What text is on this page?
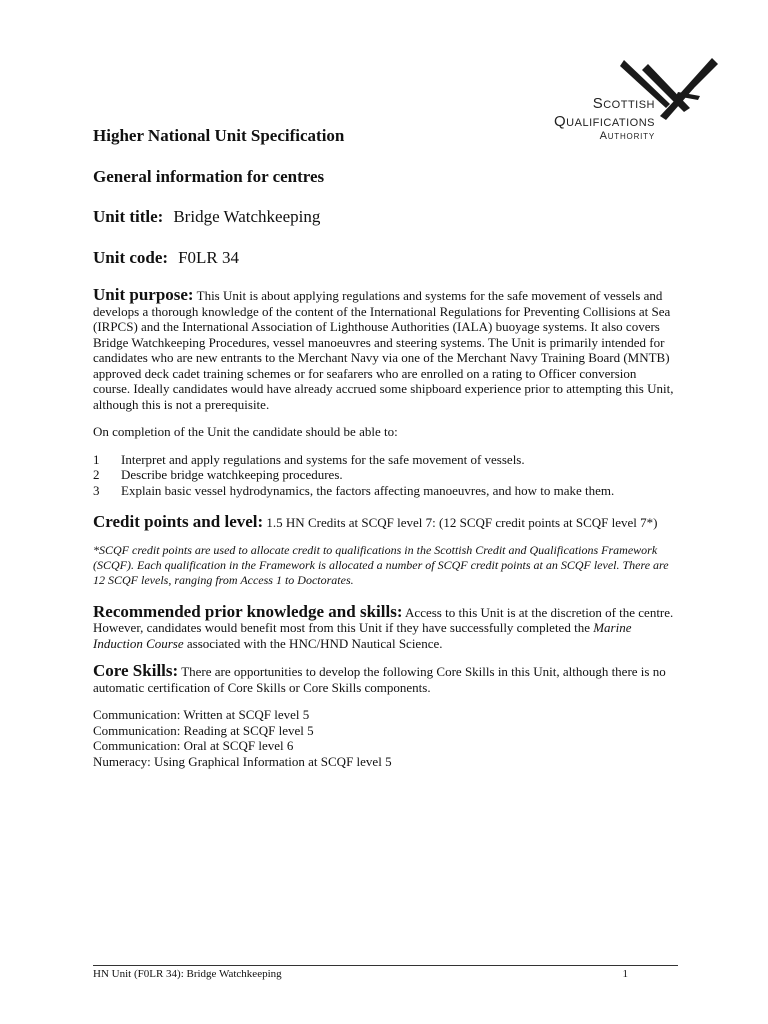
Scottish
Qualifications
Authority
Higher National Unit Specification
General information for centres
Unit title: Bridge Watchkeeping
Unit code: F0LR 34

Unit purpose: This Unit is about applying regulations and systems for the safe movement of vessels and develops a thorough knowledge of the content of the International Regulations for Preventing Collisions at Sea (IRPCS) and the International Association of Lighthouse Authorities (IALA) buoyage systems. It also covers Bridge Watchkeeping Procedures, vessel manoeuvres and steering systems. The Unit is primarily intended for candidates who are new entrants to the Merchant Navy via one of the Merchant Navy Training Board (MNTB) approved deck cadet training schemes or for seafarers who are enrolled on a rating to Officer conversion course. Ideally candidates would have already accrued some shipboard experience prior to attempting this Unit, although this is not a prerequisite.

On completion of the Unit the candidate should be able to:

1	Interpret and apply regulations and systems for the safe movement of vessels.
2	Describe bridge watchkeeping procedures.
3	Explain basic vessel hydrodynamics, the factors affecting manoeuvres, and how to make them.

Credit points and level: 1.5 HN Credits at SCQF level 7: (12 SCQF credit points at SCQF level 7*)

*SCQF credit points are used to allocate credit to qualifications in the Scottish Credit and Qualifications Framework (SCQF). Each qualification in the Framework is allocated a number of SCQF credit points at an SCQF level. There are 12 SCQF levels, ranging from Access 1 to Doctorates.

Recommended prior knowledge and skills: Access to this Unit is at the discretion of the centre. However, candidates would benefit most from this Unit if they have successfully completed the Marine Induction Course associated with the HNC/HND Nautical Science.

Core Skills: There are opportunities to develop the following Core Skills in this Unit, although there is no automatic certification of Core Skills or Core Skills components.

Communication: Written at SCQF level 5
Communication: Reading at SCQF level 5
Communication: Oral at SCQF level 6
Numeracy: Using Graphical Information at SCQF level 5
HN Unit (F0LR 34): Bridge Watchkeeping	1
